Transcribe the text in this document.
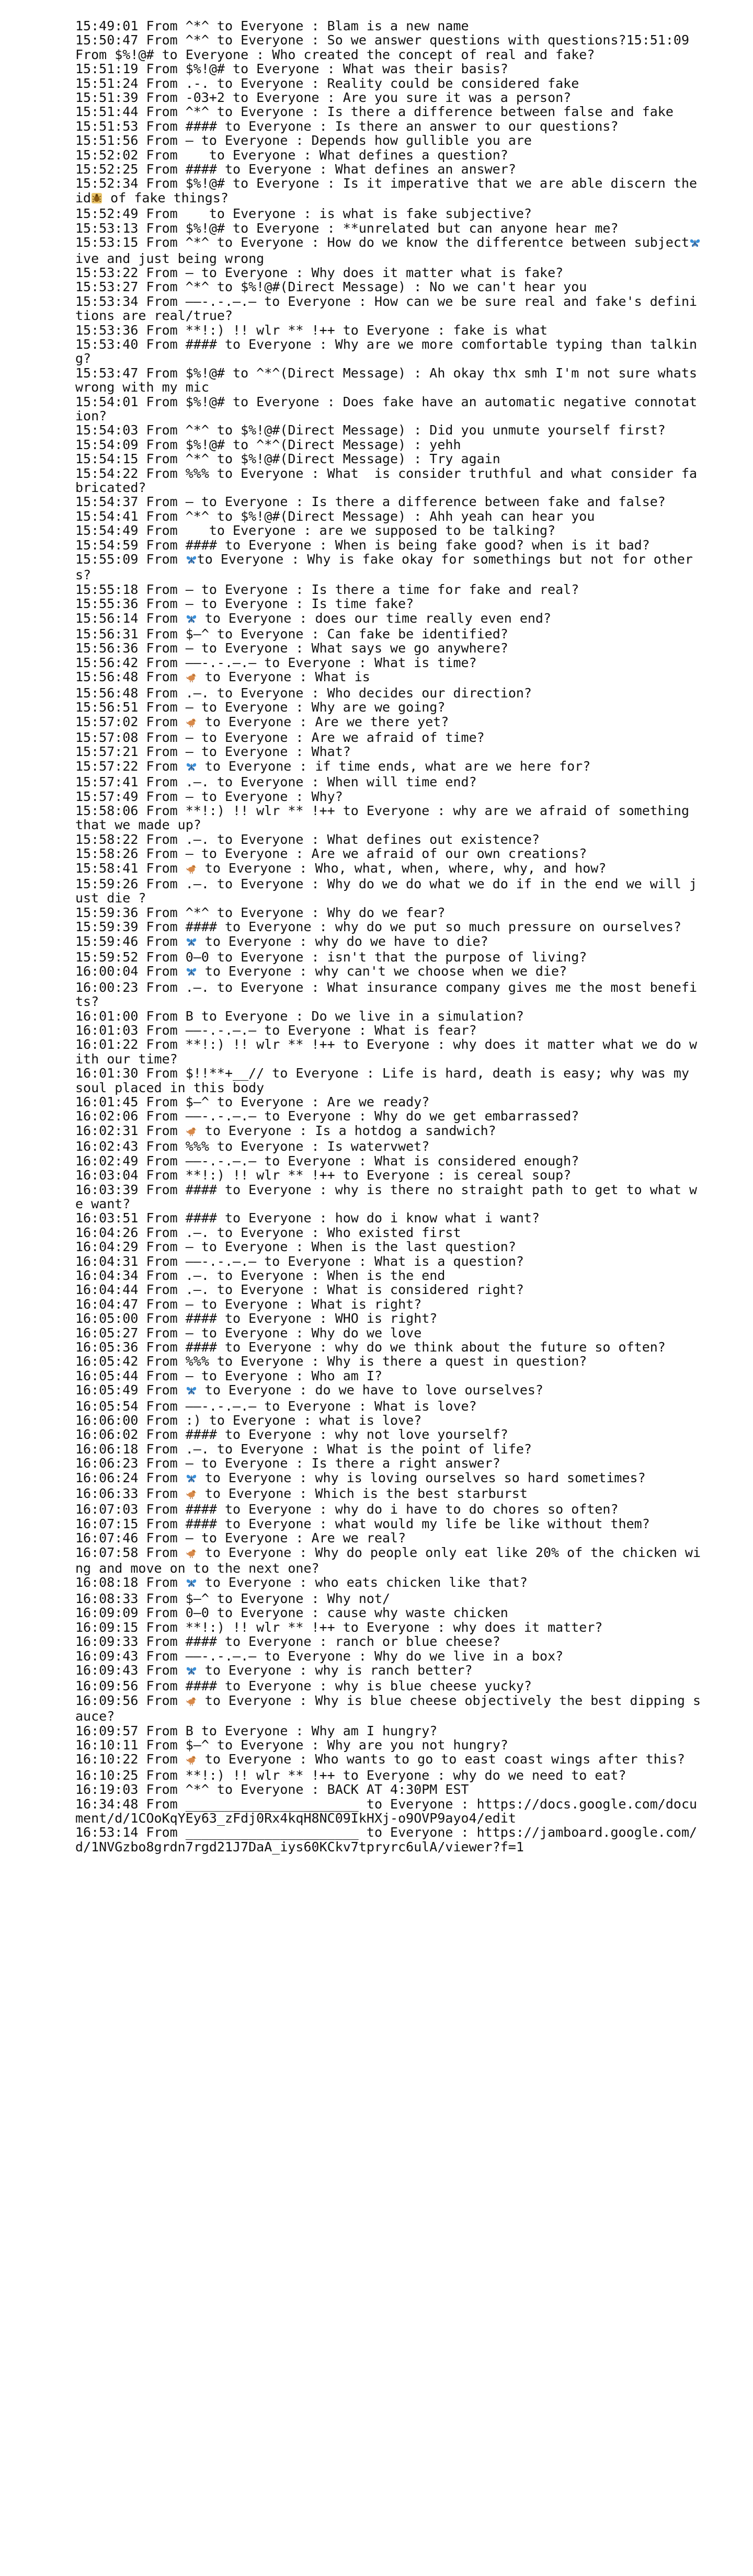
15:49:01 From ^*^ to Everyone : Blam is a new name
15:50:47 From ^*^ to Everyone : So we answer questions with questions?15:51:09 From $%!@# to Everyone : Who created the concept of real and fake?
15:51:19 From $%!@# to Everyone : What was their basis?
15:51:24 From .-. to Everyone : Reality could be considered fake
15:51:39 From -03+2 to Everyone : Are you sure it was a person?
15:51:44 From ^*^ to Everyone : Is there a difference between false and fake
15:51:53 From #### to Everyone : Is there an answer to our questions?
15:51:56 From – to Everyone : Depends how gullible you are
15:52:02 From    to Everyone : What defines a question?
15:52:25 From #### to Everyone : What defines an answer?
15:52:34 From $%!@# to Everyone : Is it imperative that we are able discern the id of fake things?
15:52:49 From    to Everyone : is what is fake subjective?
15:53:13 From $%!@# to Everyone : **unrelated but can anyone hear me?
15:53:15 From ^*^ to Everyone : How do we know the differentce between subjective and just being wrong
15:53:22 From – to Everyone : Why does it matter what is fake?
15:53:27 From ^*^ to $%!@#(Direct Message) : No we can't hear you
15:53:34 From ——-.-.–.– to Everyone : How can we be sure real and fake's definitions are real/true?
15:53:36 From **!:) !! wlr ** !++ to Everyone : fake is what
15:53:40 From #### to Everyone : Why are we more comfortable typing than talking?
15:53:47 From $%!@# to ^*^(Direct Message) : Ah okay thx smh I'm not sure whats wrong with my mic
15:54:01 From $%!@# to Everyone : Does fake have an automatic negative connotation?
15:54:03 From ^*^ to $%!@#(Direct Message) : Did you unmute yourself first?
15:54:09 From $%!@# to ^*^(Direct Message) : yehh
15:54:15 From ^*^ to $%!@#(Direct Message) : Try again
15:54:22 From %%% to Everyone : What  is consider truthful and what consider fabricated?
15:54:37 From – to Everyone : Is there a difference between fake and false?
15:54:41 From ^*^ to $%!@#(Direct Message) : Ahh yeah can hear you
15:54:49 From    to Everyone : are we supposed to be talking?
15:54:59 From #### to Everyone : When is being fake good? when is it bad?
15:55:09 From to Everyone : Why is fake okay for somethings but not for others?
15:55:18 From – to Everyone : Is there a time for fake and real?
15:55:36 From – to Everyone : Is time fake?
15:56:14 From  to Everyone : does our time really even end?
15:56:31 From $–^ to Everyone : Can fake be identified?
15:56:36 From – to Everyone : What says we go anywhere?
15:56:42 From ——-.-.–.– to Everyone : What is time?
15:56:48 From  to Everyone : What is
15:56:48 From .–. to Everyone : Who decides our direction?
15:56:51 From – to Everyone : Why are we going?
15:57:02 From  to Everyone : Are we there yet?
15:57:08 From – to Everyone : Are we afraid of time?
15:57:21 From – to Everyone : What?
15:57:22 From  to Everyone : if time ends, what are we here for?
15:57:41 From .–. to Everyone : When will time end?
15:57:49 From – to Everyone : Why?
15:58:06 From **!:) !! wlr ** !++ to Everyone : why are we afraid of something that we made up?
15:58:22 From .–. to Everyone : What defines out existence?
15:58:26 From – to Everyone : Are we afraid of our own creations?
15:58:41 From  to Everyone : Who, what, when, where, why, and how?
15:59:26 From .–. to Everyone : Why do we do what we do if in the end we will just die ?
15:59:36 From ^*^ to Everyone : Why do we fear?
15:59:39 From #### to Everyone : why do we put so much pressure on ourselves?
15:59:46 From  to Everyone : why do we have to die?
15:59:52 From 0–0 to Everyone : isn't that the purpose of living?
16:00:04 From  to Everyone : why can't we choose when we die?
16:00:23 From .–. to Everyone : What insurance company gives me the most benefits?
16:01:00 From B to Everyone : Do we live in a simulation?
16:01:03 From ——-.-.–.– to Everyone : What is fear?
16:01:22 From **!:) !! wlr ** !++ to Everyone : why does it matter what we do with our time?
16:01:30 From $!!**+__// to Everyone : Life is hard, death is easy; why was my soul placed in this body
16:01:45 From $–^ to Everyone : Are we ready?
16:02:06 From ——-.-.–.– to Everyone : Why do we get embarrassed?
16:02:31 From  to Everyone : Is a hotdog a sandwich?
16:02:43 From %%% to Everyone : Is watervwet?
16:02:49 From ——-.-.–.– to Everyone : What is considered enough?
16:03:04 From **!:) !! wlr ** !++ to Everyone : is cereal soup?
16:03:39 From #### to Everyone : why is there no straight path to get to what we want?
16:03:51 From #### to Everyone : how do i know what i want?
16:04:26 From .–. to Everyone : Who existed first
16:04:29 From – to Everyone : When is the last question?
16:04:31 From ——-.-.–.– to Everyone : What is a question?
16:04:34 From .–. to Everyone : When is the end
16:04:44 From .–. to Everyone : What is considered right?
16:04:47 From – to Everyone : What is right?
16:05:00 From #### to Everyone : WHO is right?
16:05:27 From – to Everyone : Why do we love
16:05:36 From #### to Everyone : why do we think about the future so often?
16:05:42 From %%% to Everyone : Why is there a quest in question?
16:05:44 From – to Everyone : Who am I?
16:05:49 From  to Everyone : do we have to love ourselves?
16:05:54 From ——-.-.–.– to Everyone : What is love?
16:06:00 From :) to Everyone : what is love?
16:06:02 From #### to Everyone : why not love yourself?
16:06:18 From .–. to Everyone : What is the point of life?
16:06:23 From – to Everyone : Is there a right answer?
16:06:24 From  to Everyone : why is loving ourselves so hard sometimes?
16:06:33 From  to Everyone : Which is the best starburst
16:07:03 From #### to Everyone : why do i have to do chores so often?
16:07:15 From #### to Everyone : what would my life be like without them?
16:07:46 From – to Everyone : Are we real?
16:07:58 From  to Everyone : Why do people only eat like 20% of the chicken wing and move on to the next one?
16:08:18 From  to Everyone : who eats chicken like that?
16:08:33 From $–^ to Everyone : Why not/
16:09:09 From 0–0 to Everyone : cause why waste chicken
16:09:15 From **!:) !! wlr ** !++ to Everyone : why does it matter?
16:09:33 From #### to Everyone : ranch or blue cheese?
16:09:43 From ——-.-.–.– to Everyone : Why do we live in a box?
16:09:43 From  to Everyone : why is ranch better?
16:09:56 From #### to Everyone : why is blue cheese yucky?
16:09:56 From  to Everyone : Why is blue cheese objectively the best dipping sauce?
16:09:57 From B to Everyone : Why am I hungry?
16:10:11 From $–^ to Everyone : Why are you not hungry?
16:10:22 From  to Everyone : Who wants to go to east coast wings after this?
16:10:25 From **!:) !! wlr ** !++ to Everyone : why do we need to eat?
16:19:03 From ^*^ to Everyone : BACK AT 4:30PM EST
16:34:48 From ______________________ to Everyone : https://docs.google.com/document/d/1COoKqYEy63_zFdj0Rx4kqH8NC09IkHXj-o9OVP9ayo4/edit
16:53:14 From ______________________ to Everyone : https://jamboard.google.com/d/1NVGzbo8grdn7rgd21J7DaA_iys60KCkv7tpryrc6ulA/viewer?f=1
